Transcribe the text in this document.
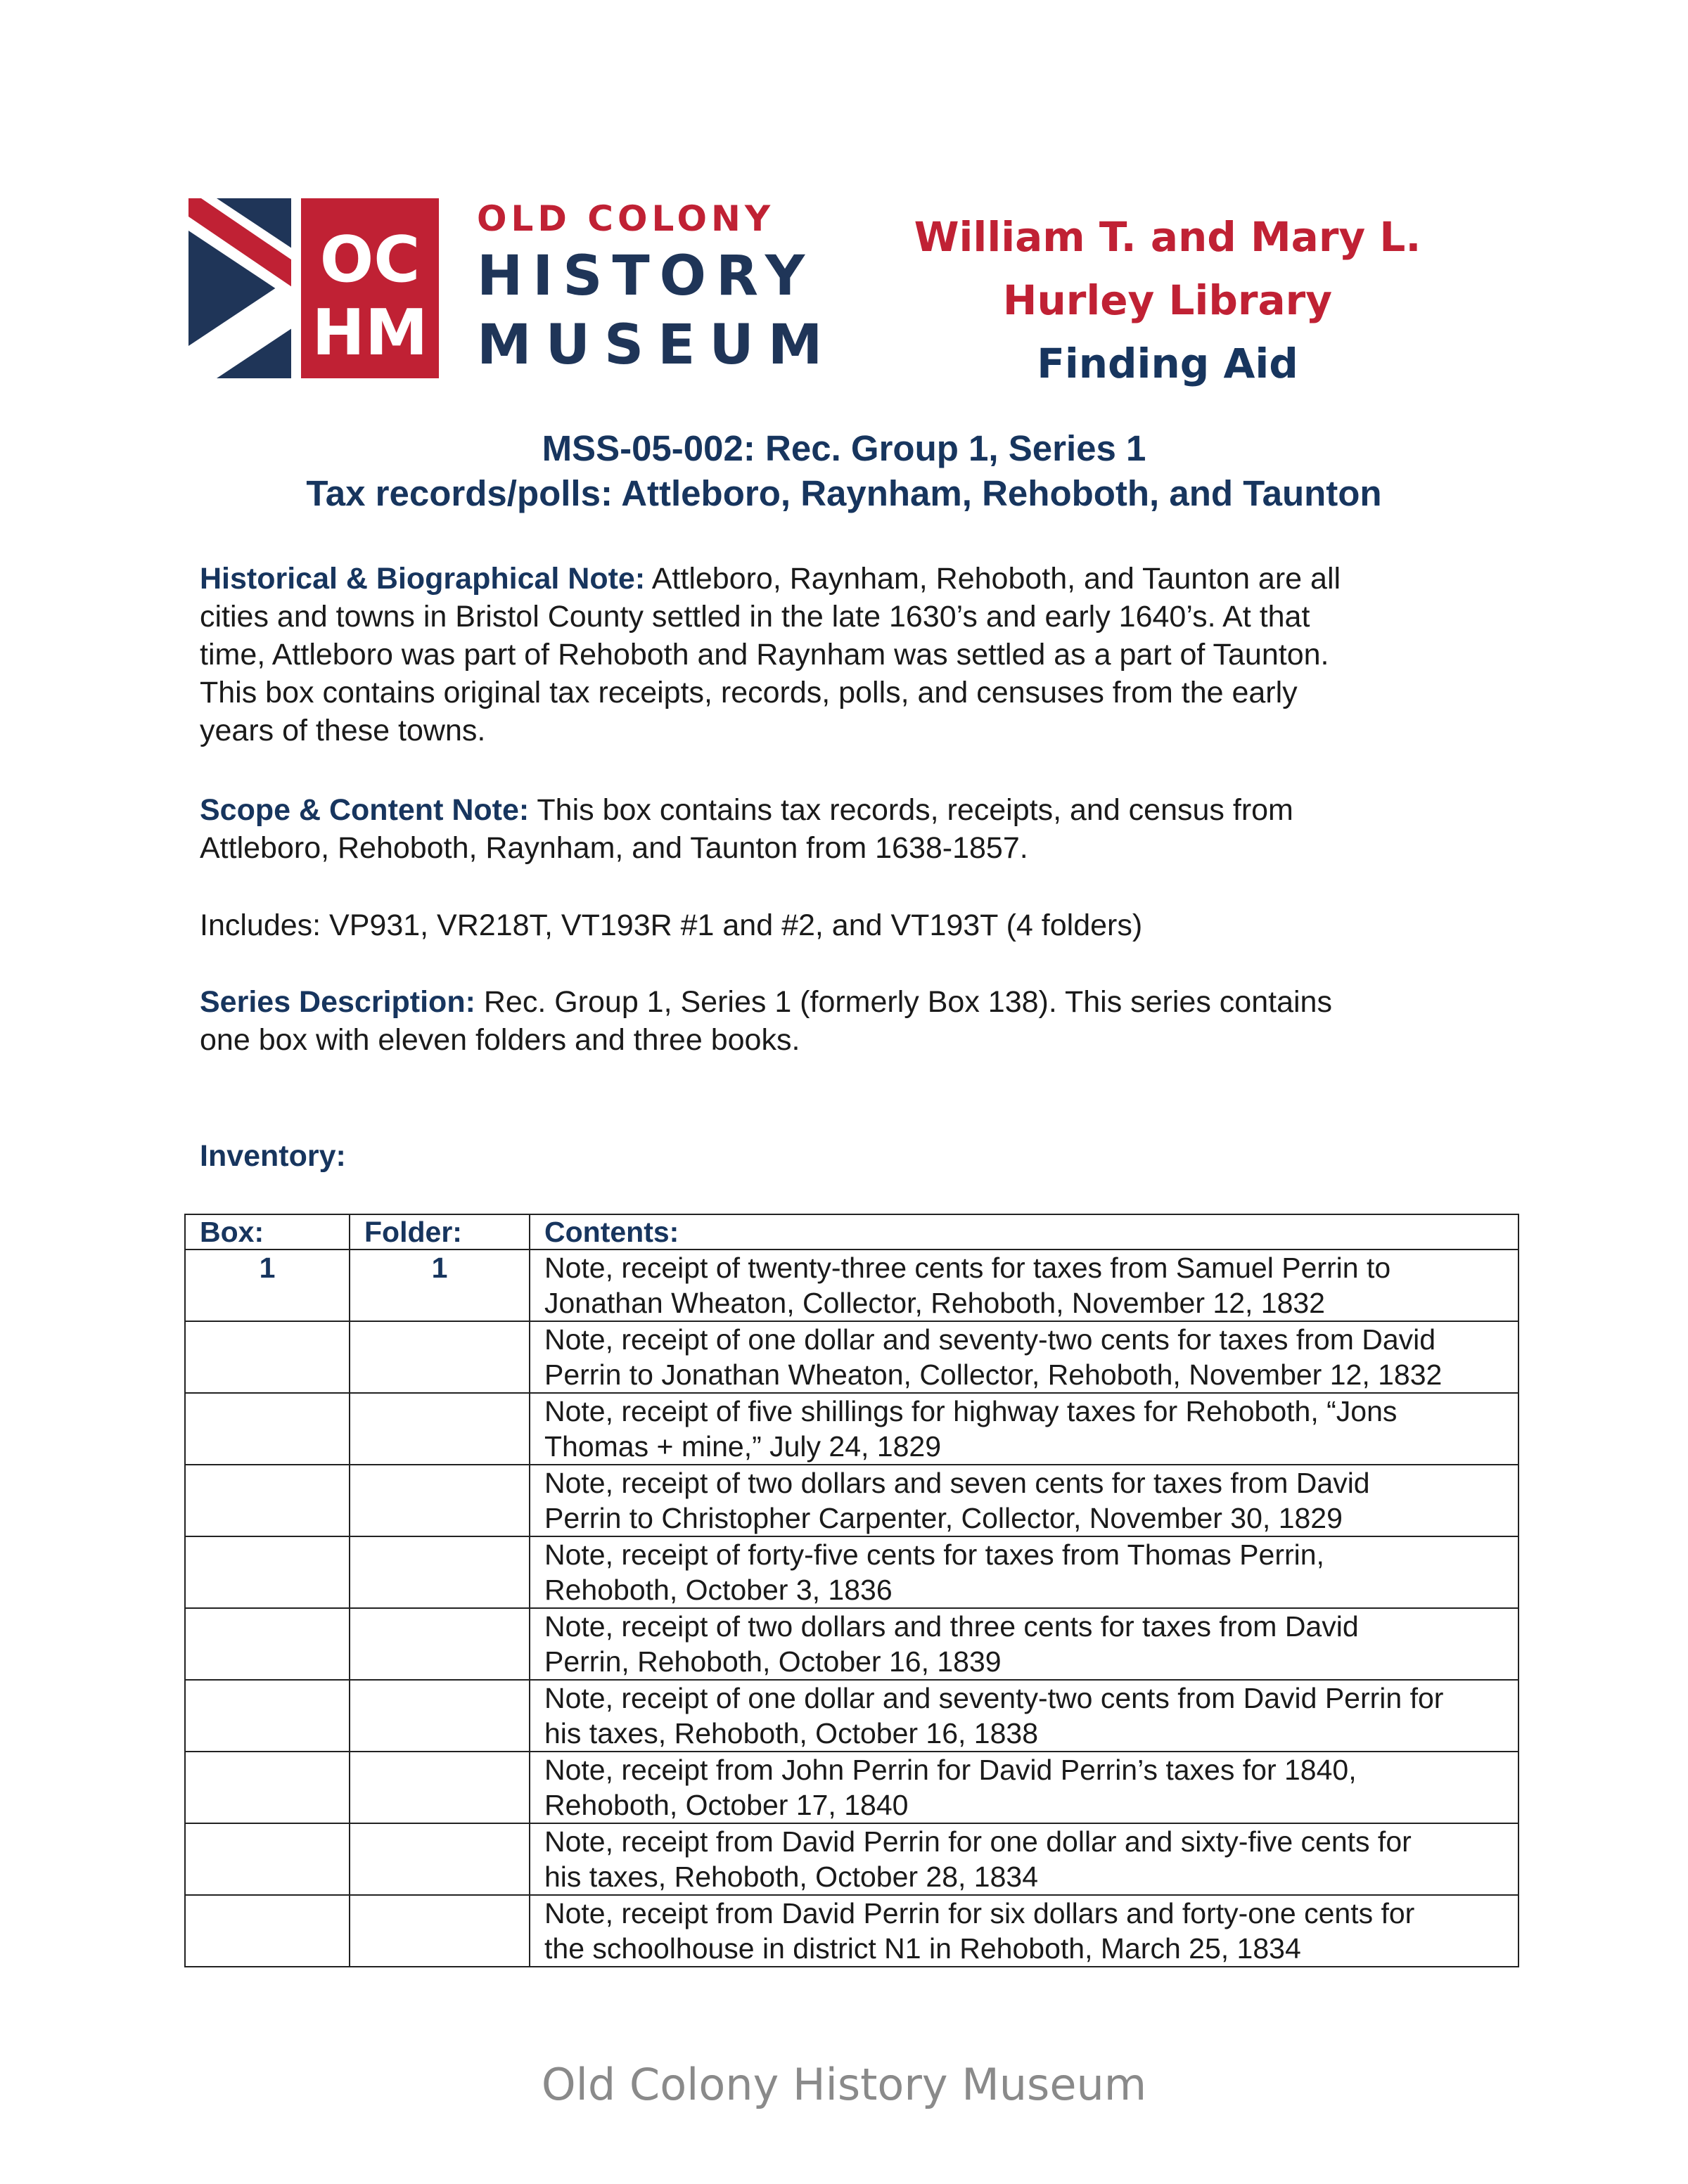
OC
HM
OLD COLONY
HISTORY
MUSEUM
William T. and Mary L.
Hurley Library
Finding Aid
MSS-05-002: Rec. Group 1, Series 1
Tax records/polls: Attleboro, Raynham, Rehoboth, and Taunton
Historical & Biographical Note: Attleboro, Raynham, Rehoboth, and Taunton are all
cities and towns in Bristol County settled in the late 1630’s and early 1640’s. At that
time, Attleboro was part of Rehoboth and Raynham was settled as a part of Taunton.
This box contains original tax receipts, records, polls, and censuses from the early
years of these towns.
Scope & Content Note: This box contains tax records, receipts, and census from
Attleboro, Rehoboth, Raynham, and Taunton from 1638-1857.
Includes: VP931, VR218T, VT193R #1 and #2, and VT193T (4 folders)
Series Description: Rec. Group 1, Series 1 (formerly Box 138). This series contains
one box with eleven folders and three books.
Inventory:
Box:	Folder:	Contents:
1	1	Note, receipt of twenty-three cents for taxes from Samuel Perrin to
Jonathan Wheaton, Collector, Rehoboth, November 12, 1832

		Note, receipt of one dollar and seventy-two cents for taxes from David
Perrin to Jonathan Wheaton, Collector, Rehoboth, November 12, 1832

		Note, receipt of five shillings for highway taxes for Rehoboth, “Jons
Thomas + mine,” July 24, 1829

		Note, receipt of two dollars and seven cents for taxes from David
Perrin to Christopher Carpenter, Collector, November 30, 1829

		Note, receipt of forty-five cents for taxes from Thomas Perrin,
Rehoboth, October 3, 1836

		Note, receipt of two dollars and three cents for taxes from David
Perrin, Rehoboth, October 16, 1839

		Note, receipt of one dollar and seventy-two cents from David Perrin for
his taxes, Rehoboth, October 16, 1838

		Note, receipt from John Perrin for David Perrin’s taxes for 1840,
Rehoboth, October 17, 1840

		Note, receipt from David Perrin for one dollar and sixty-five cents for
his taxes, Rehoboth, October 28, 1834

		Note, receipt from David Perrin for six dollars and forty-one cents for
the schoolhouse in district N1 in Rehoboth, March 25, 1834
Old Colony History Museum
